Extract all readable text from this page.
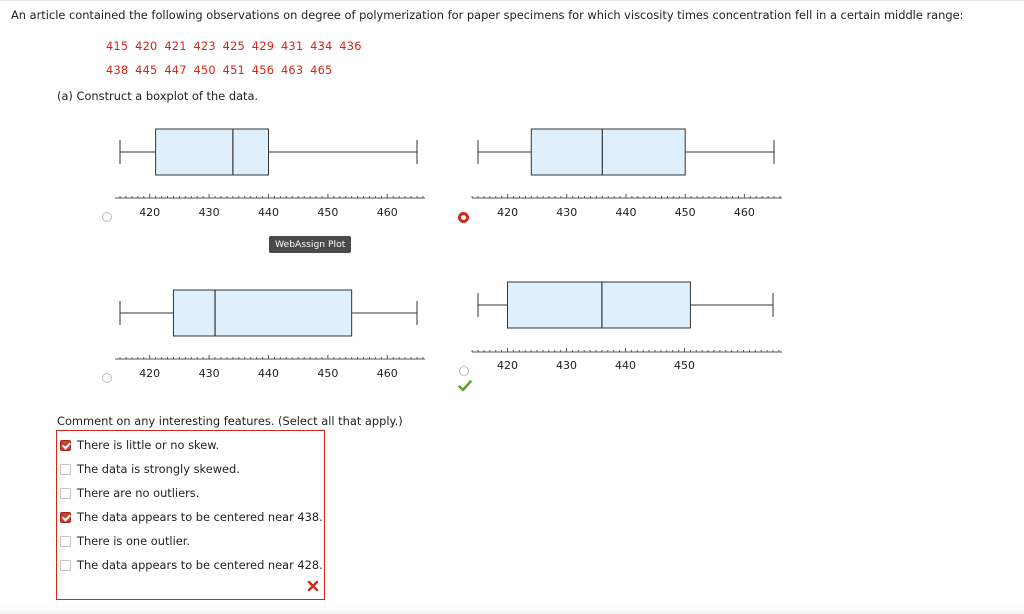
An article contained the following observations on degree of polymerization for paper specimens for which viscosity times concentration fell in a certain middle range:
415 420 421 423 425 429 431 434 436
438 445 447 450 451 456 463 465
(a) Construct a boxplot of the data.
420	430	440	450	460	420	430	440	450	460
WebAssign Plot
420	430	440	450	460
420	430	440	450
Comment on any interesting features. (Select all that apply.)
There is little or no skew.
The data is strongly skewed.
There are no outliers.
The data appears to be centered near 438.
There is one outlier.
The data appears to be centered near 428.
